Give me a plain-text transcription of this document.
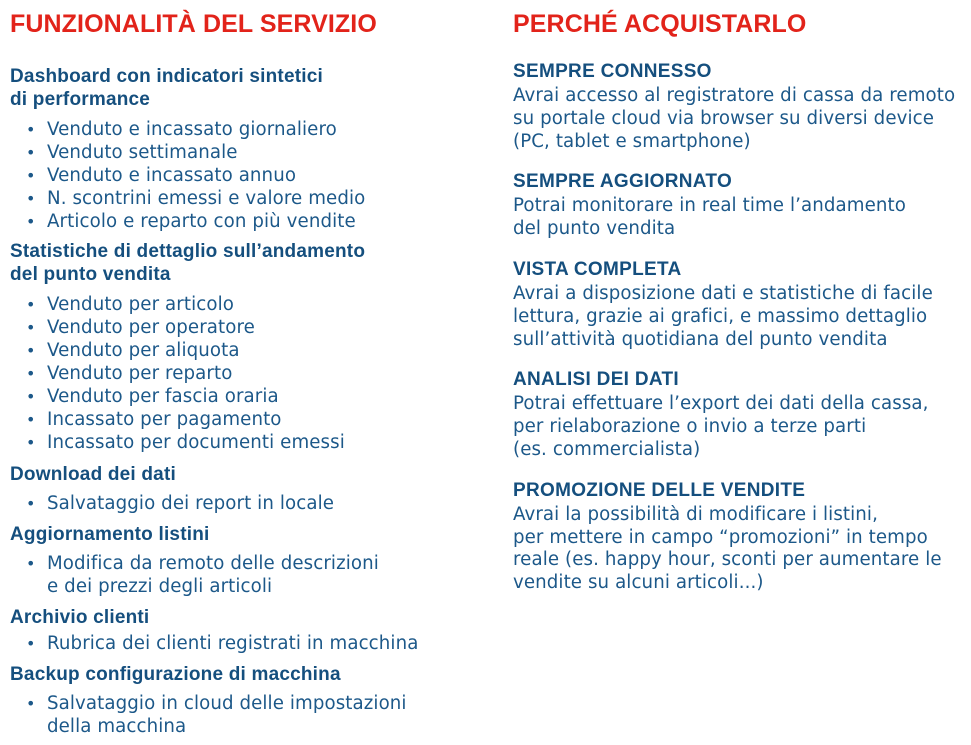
FUNZIONALITÀ DEL SERVIZIO
Dashboard con indicatori sintetici
di performance
• Venduto e incassato giornaliero
• Venduto settimanale
• Venduto e incassato annuo
• N. scontrini emessi e valore medio
• Articolo e reparto con più vendite
Statistiche di dettaglio sull’andamento
del punto vendita
• Venduto per articolo
• Venduto per operatore
• Venduto per aliquota
• Venduto per reparto
• Venduto per fascia oraria
• Incassato per pagamento
• Incassato per documenti emessi
Download dei dati
• Salvataggio dei report in locale
Aggiornamento listini
• Modifica da remoto delle descrizioni
e dei prezzi degli articoli
Archivio clienti
• Rubrica dei clienti registrati in macchina
Backup configurazione di macchina
• Salvataggio in cloud delle impostazioni
della macchina
PERCHÉ ACQUISTARLO
SEMPRE CONNESSO

Avrai accesso al registratore di cassa da remoto
su portale cloud via browser su diversi device
(PC, tablet e smartphone)

SEMPRE AGGIORNATO

Potrai monitorare in real time l’andamento
del punto vendita

VISTA COMPLETA

Avrai a disposizione dati e statistiche di facile
lettura, grazie ai grafici, e massimo dettaglio
sull’attività quotidiana del punto vendita

ANALISI DEI DATI

Potrai effettuare l’export dei dati della cassa,
per rielaborazione o invio a terze parti
(es. commercialista)

PROMOZIONE DELLE VENDITE

Avrai la possibilità di modificare i listini,
per mettere in campo “promozioni” in tempo
reale (es. happy hour, sconti per aumentare le
vendite su alcuni articoli...)
